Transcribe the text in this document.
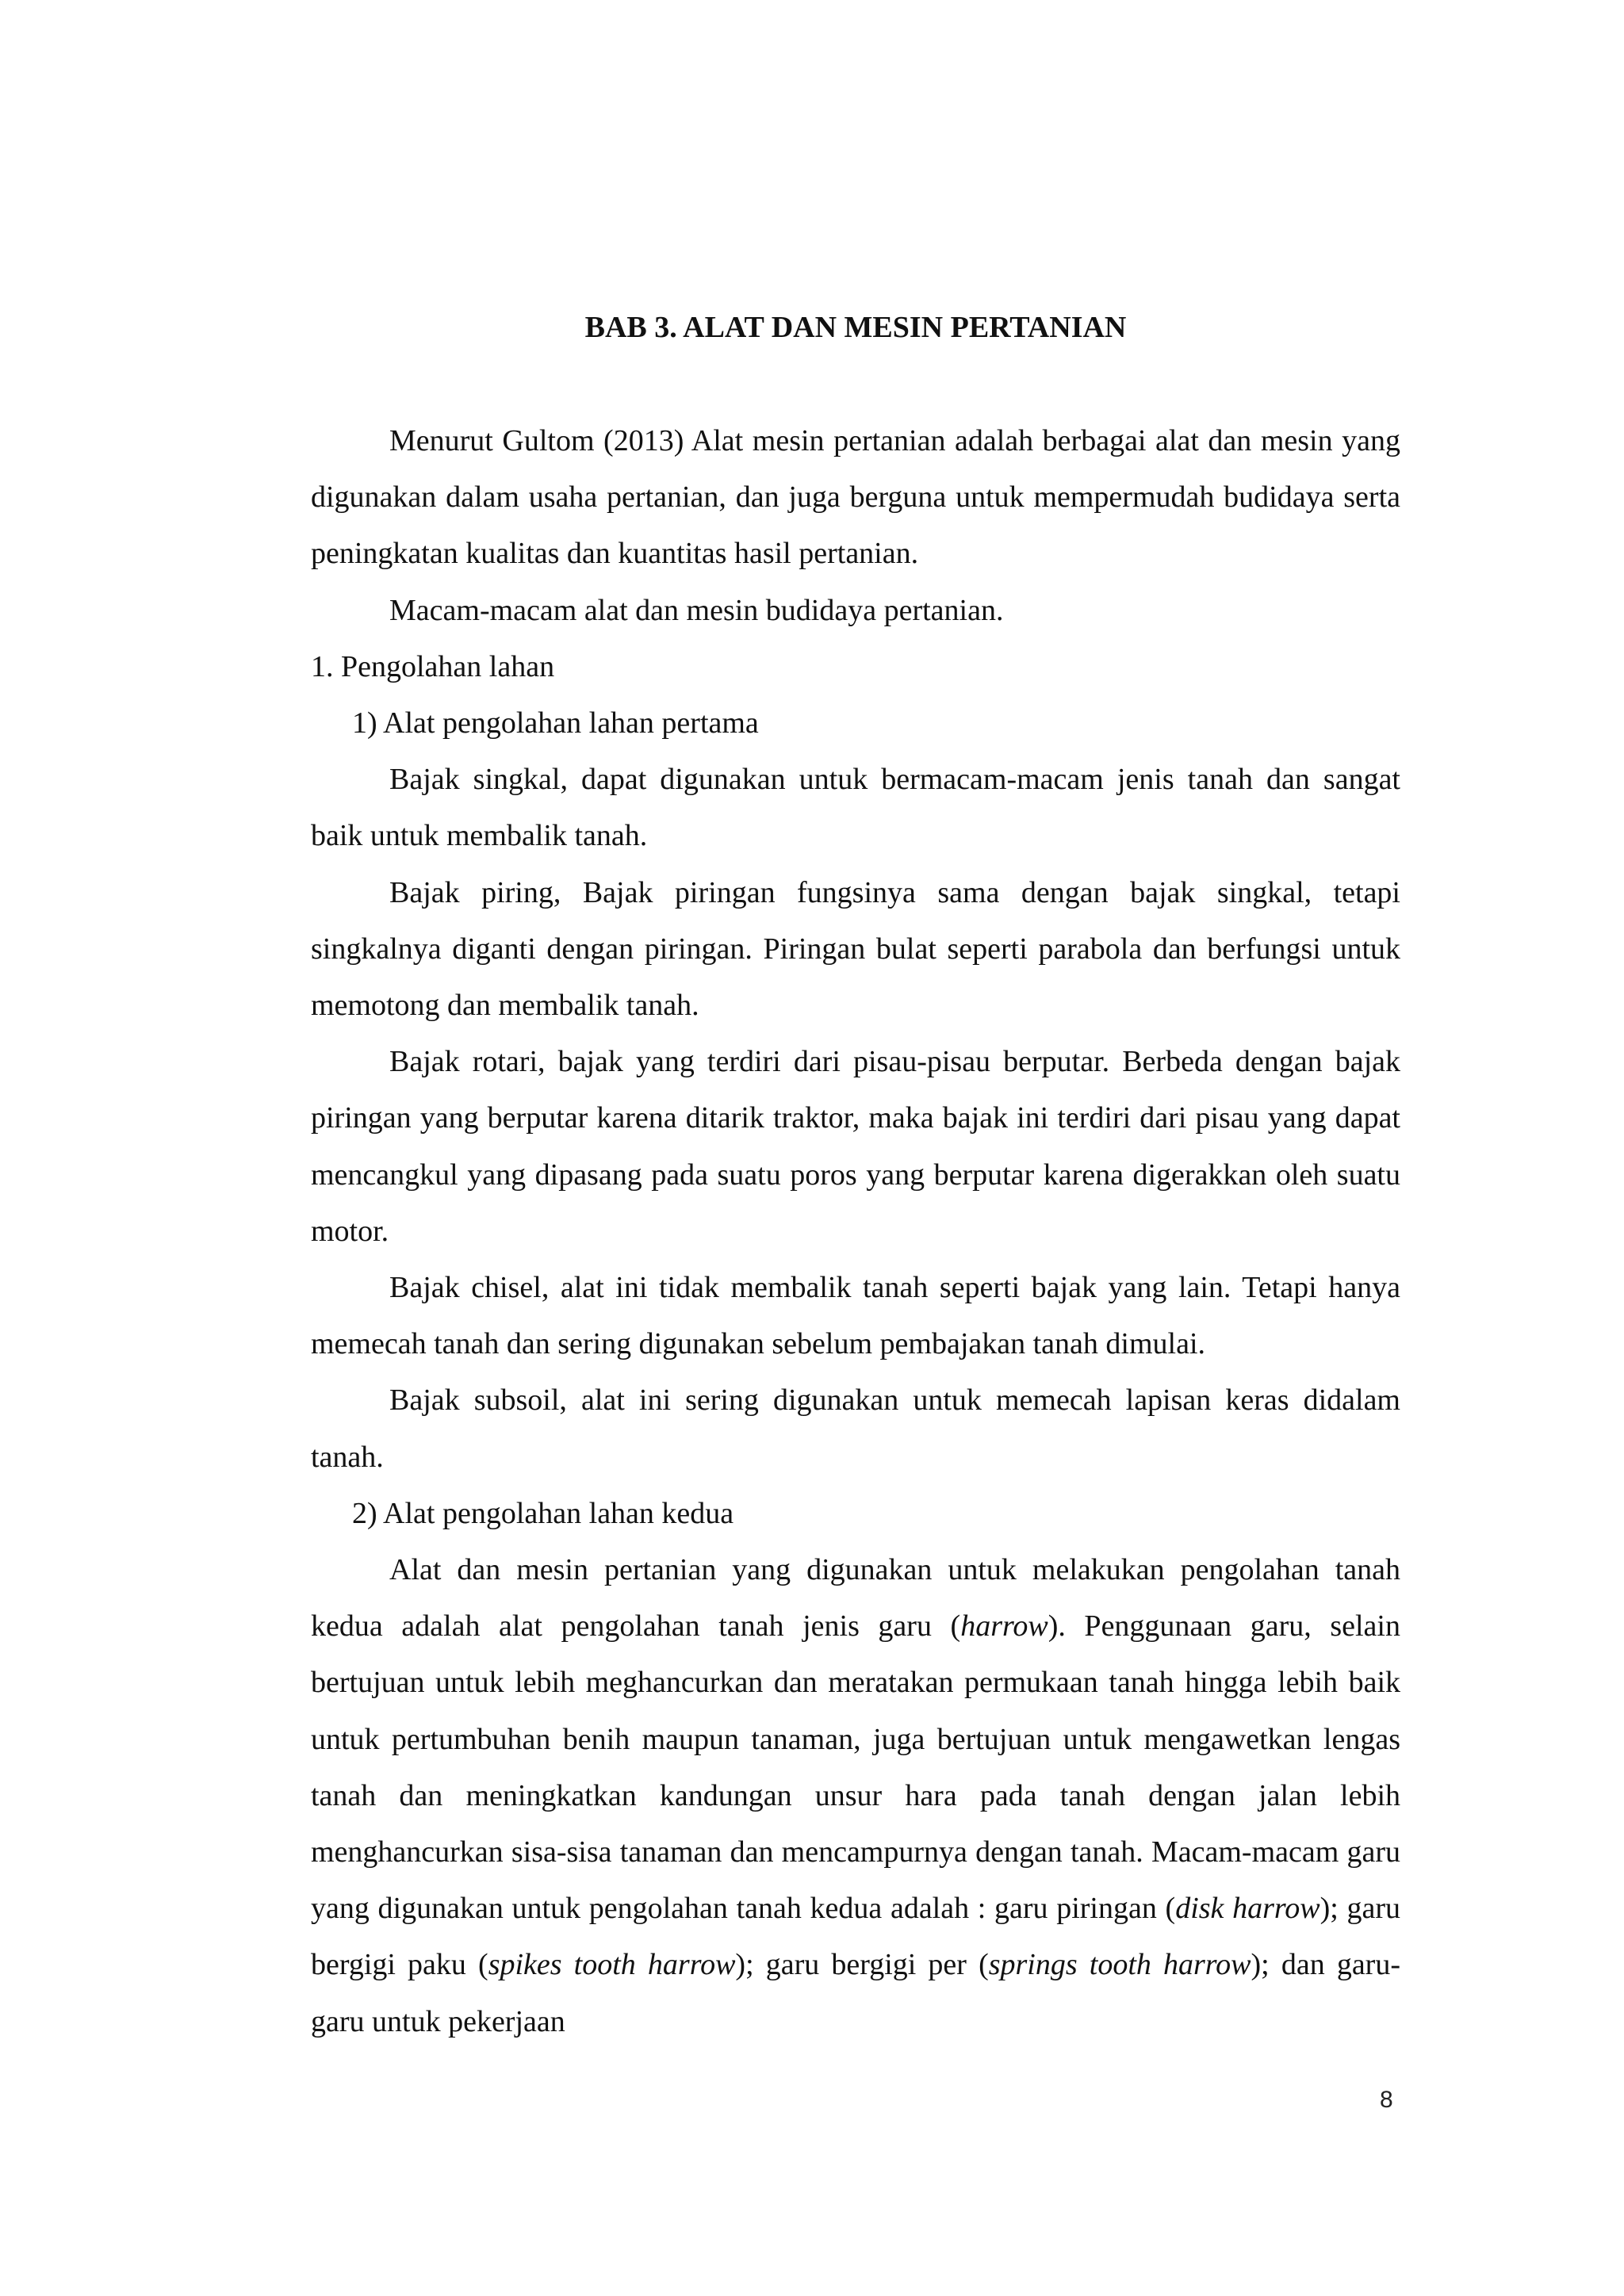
BAB 3. ALAT DAN MESIN PERTANIAN

Menurut Gultom (2013) Alat mesin pertanian adalah berbagai alat dan mesin yang digunakan dalam usaha pertanian, dan juga berguna untuk mempermudah budidaya serta peningkatan kualitas dan kuantitas hasil pertanian.

Macam-macam alat dan mesin budidaya pertanian.

1. Pengolahan lahan

1) Alat pengolahan lahan pertama

Bajak singkal, dapat digunakan untuk bermacam-macam jenis tanah dan sangat baik untuk membalik tanah.

Bajak piring, Bajak piringan fungsinya sama dengan bajak singkal, tetapi singkalnya diganti dengan piringan. Piringan bulat seperti parabola dan berfungsi untuk memotong dan membalik tanah.

Bajak rotari, bajak yang terdiri dari pisau-pisau berputar. Berbeda dengan bajak piringan yang berputar karena ditarik traktor, maka bajak ini terdiri dari pisau yang dapat mencangkul yang dipasang pada suatu poros yang berputar karena digerakkan oleh suatu motor.

Bajak chisel, alat ini tidak membalik tanah seperti bajak yang lain. Tetapi hanya memecah tanah dan sering digunakan sebelum pembajakan tanah dimulai.

Bajak subsoil, alat ini sering digunakan untuk memecah lapisan keras didalam tanah.

2) Alat pengolahan lahan kedua

Alat dan mesin pertanian yang digunakan untuk melakukan pengolahan tanah kedua adalah alat pengolahan tanah jenis garu (harrow). Penggunaan garu, selain bertujuan untuk lebih meghancurkan dan meratakan permukaan tanah hingga lebih baik untuk pertumbuhan benih maupun tanaman, juga bertujuan untuk mengawetkan lengas tanah dan meningkatkan kandungan unsur hara pada tanah dengan jalan lebih menghancurkan sisa-sisa tanaman dan mencampurnya dengan tanah. Macam-macam garu yang digunakan untuk pengolahan tanah kedua adalah : garu piringan (disk harrow); garu bergigi paku (spikes tooth harrow); garu bergigi per (springs tooth harrow); dan garu-garu untuk pekerjaan

8
